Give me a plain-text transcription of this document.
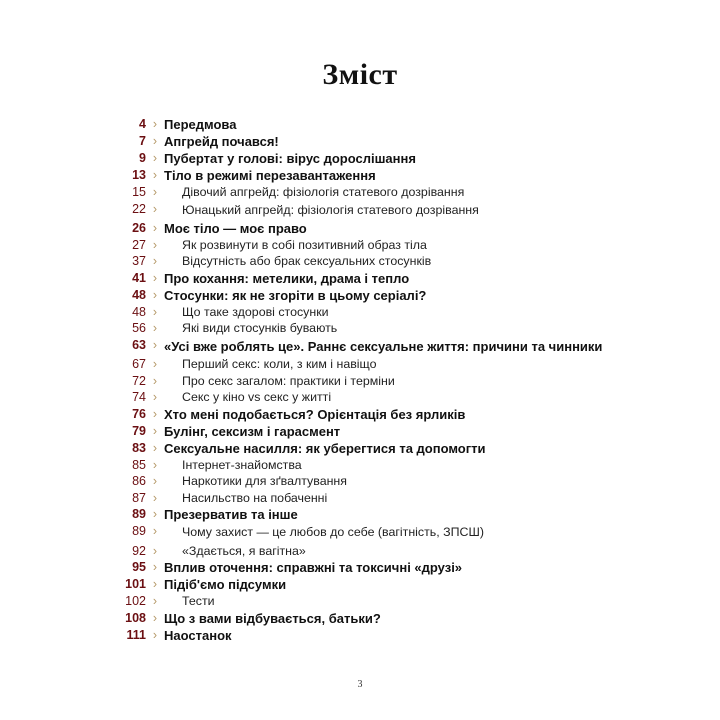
Зміст
4 › Передмова
7 › Апгрейд почався!
9 › Пубертат у голові: вірус дорослішання
13 › Тіло в режимі перезавантаження
15 ›	Дівочий апгрейд: фізіологія статевого дозрівання
22 ›	Юнацький апгрейд: фізіологія статевого дозрівання
26 › Моє тіло — моє право
27 ›	Як розвинути в собі позитивний образ тіла
37 ›	Відсутність або брак сексуальних стосунків
41 › Про кохання: метелики, драма і тепло
48 › Стосунки: як не згоріти в цьому серіалі?
48 ›	Що таке здорові стосунки
56 ›	Які види стосунків бувають
63 › «Усі вже роблять це». Раннє сексуальне життя: причини та чинники
67 ›	Перший секс: коли, з ким і навіщо
72 ›	Про секс загалом: практики і терміни
74 ›	Секс у кіно vs секс у житті
76 › Хто мені подобається? Орієнтація без ярликів
79 › Булінг, сексизм і гарасмент
83 › Сексуальне насилля: як уберегтися та допомогти
85 ›	Інтернет-знайомства
86 ›	Наркотики для зґвалтування
87 ›	Насильство на побаченні
89 › Презерватив та інше
89 ›	Чому захист — це любов до себе (вагітність, ЗПСШ)
92 ›	«Здається, я вагітна»
95 › Вплив оточення: справжні та токсичні «друзі»
101 › Підіб'ємо підсумки
102 ›	Тести
108 › Що з вами відбувається, батьки?
111 › Наостанок
3
